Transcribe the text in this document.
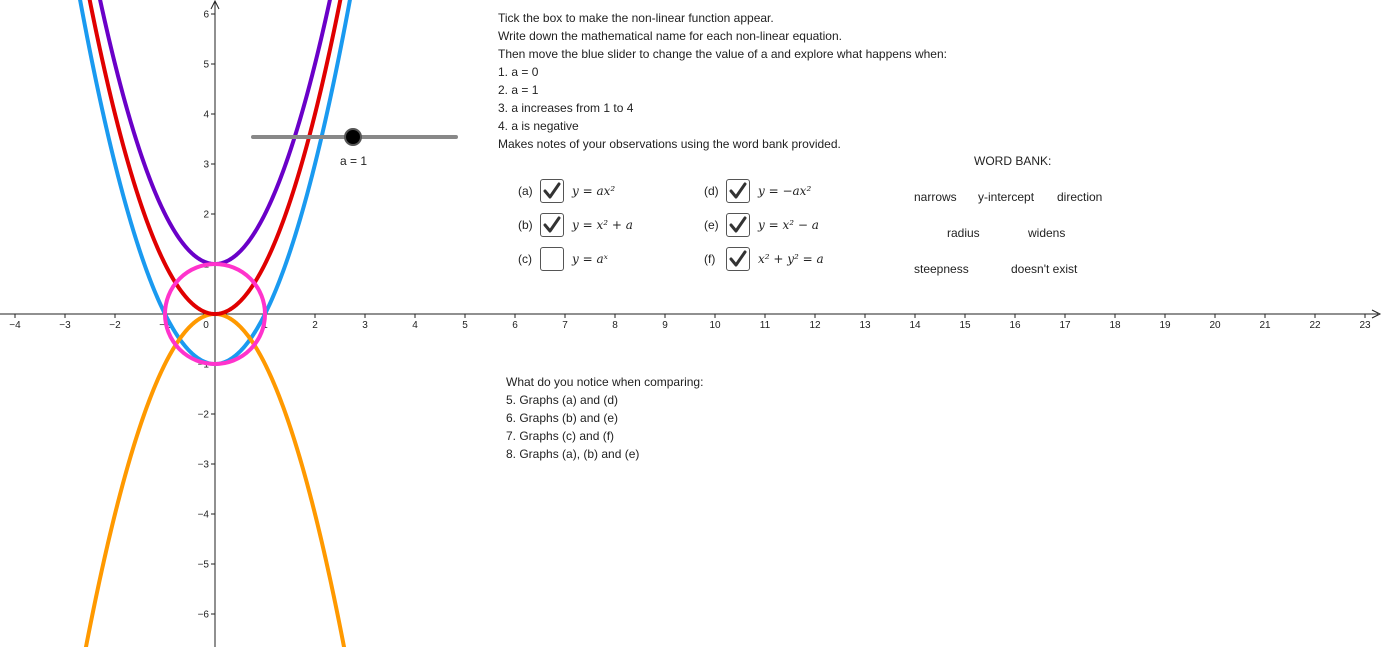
−4	−3	−2	−1	0	1	2	3	4	5	6	7	8	9	10	11	12	13	14	15	16	17	18	19	20	21	22	23
−6
−5
−4
−3
−2
−1
1
2
3
4
5
6
a = 1
Tick the box to make the non-linear function appear.
Write down the mathematical name for each non-linear equation.
Then move the blue slider to change the value of a and explore what happens when:
1. a = 0
2. a = 1
3. a increases from 1 to 4
4. a is negative
Makes notes of your observations using the word bank provided.
(a)	y = ax²
(b)	y = x² + a
(c)	y = aˣ
(d)	y = −ax²
(e)	y = x² − a
(f)	x² + y² = a
WORD BANK:
narrows y-intercept direction
radius	widens
steepness	doesn't exist
What do you notice when comparing:
5. Graphs (a) and (d)
6. Graphs (b) and (e)
7. Graphs (c) and (f)
8. Graphs (a), (b) and (e)
